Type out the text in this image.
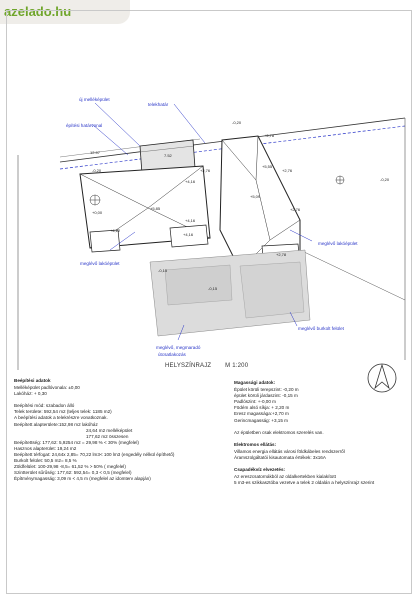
azelado.hu
12.97
7.52
új melléképület
telekhatár
építési határvonal
meglévő lakóépület
meglévő lakóépület
meglévő burkolt felület
meglévő, megmaradó
útcsatlakozás
-0,20
-0,20
-0,20
+2,78
+5,55
+2,76	+2,76
+5,09
+2,76
+2,78
+4,16
+5,85
+4,16
+4,12
+4,16
-0,15
-0,15
+0,00
HELYSZÍNRAJZ M 1:200
Beépítési adatok
Melléképület padlóvonala: ±0,00
Lakóház: + 0,30
Beépítési mód: szabadon álló
Telek területe: 592,54 m2 (teljes telek: 1185 m2)
A beépítési adatok a telekrészre vonatkoznak.
Beépített alapterülete:152,98 m2 lakóház
24,64 m2 melléképület
177,62 m2 összesen
Beépítettség: 177,62: 5,9254 m2 = 29,98 % < 30% (megfelel)
Hasznos alapterület: 19,24 m2
Beépített térfogat: 24,64x 2,85= 70,22 lm3< 100 lm3 (engedély nélkül építhető)
Burkolt felület: 50,5 m2= 8,5 %
Zöldfelület: 100-29,98 -8,5= 61,52 % > 50% ( megfelel)
Szintterület sűrűség: 177,62: 592,54= 0,3 < 0,5 (megfelel)
Építménymagasság: 3,09 m < 4,5 m (megfelel az idomterv alapján)
Magassági adatok:
Épület körüli terepszint: -0,20 m
épület körüli járdaszint: -0,15 m
Padlószint: +-0,00 m
Födém alsó síkja: + 2,20 m
Eresz magassága:+2,70 m
Gerincmagasság: +3,15 m
Az épületben csak elektromos szerelés van.
Elektromos ellátás:
Villamos energia ellátás városi földkábeles rendszerről
Áramszolgáltatói kisautomata értékek: 3x16A
Csapadékvíz elvezetés:
Az ereszcsatornákból az oldalkertekben kialakított
5 m3-es szikkasztóba vezetve a telek 2 oldalán a helyszínrajz szerint
